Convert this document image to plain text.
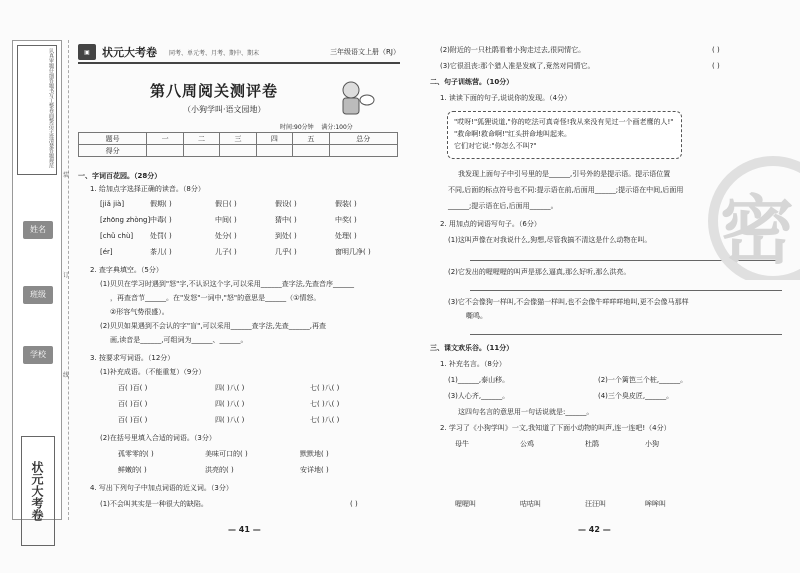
认真审题仔细答题书写工整卷面整洁字迹清楚答题规范
姓名
班级
学校
状元大考卷
装
订
线
▣	状元大考卷 同考、单元考、月考、期中、期末	三年级语文上册（RJ）
第八周阅关测评卷
（小狗学叫·语文园地）
时间:90分钟 满分:100分
题号	一	二	三	四	五	总分
得分						
一、字词百花园。（28分）
1. 给加点字选择正确的读音。（8分）
[jiǎ jià]	假期( )	假日( )	假设( )	假装( )
[zhōng zhòng] 中毒( )	中间( )	猜中( )	中奖( )
[chǔ chù] 处罚( )	处分( )	到处( )	处理( )
[ér]	茶儿( )	儿子( )	几乎( )	窗明几净( )
2. 查字典填空。（5分）
(1)贝贝在学习时遇到"怒"字,不认识这个字,可以采用______查字法,先查音序______
，再查音节______。在"发怒"一词中,"怒"的意思是______（①情怒。
②形容气势很盛）。
(2)贝贝如果遇到不会认的字"盲",可以采用______查字法,先查______,再查
画,读音是______,可组词为______、______。
3. 按要求写词语。（12分）
(1)补充成语。（不能重复）（9分）
百( )百( )	四( )八( )	七( )八( )
百( )百( )	四( )八( )	七( )八( )
百( )百( )	四( )八( )	七( )八( )
(2)在括号里填入合适的词语。（3分）
孤零零的( )	美味可口的( )	默默地( )
鲜嫩的( )	洪亮的( )	安详地( )
4. 写出下列句子中加点词语的近义词。（3分）
(1)不会叫其实是一种很大的缺陷。	( )
— 41 —
(2)附近的一只杜鹃看着小狗走过去,很同情它。	( )
(3)它很沮丧:那个猎人准是发疯了,竟然对同情它。	( )
二、句子训练营。（10分）
1. 读读下面的句子,说说你的发现。（4分）
"哎呀!"狐狸说道,"你的吃法可真奇怪!我从来没有见过一个画老鹰的人!"
"救命啊!救命啊!"红头拼命地叫起来。
它们对它说:"你怎么不叫?"
我发现上面句子中引号里的是______,引号外的是提示语。提示语位置
不同,后面的标点符号也不同:提示语在前,后面用______;提示语在中间,后面用
______;提示语在后,后面用______。
2. 用加点的词语写句子。（6分）
(1)这叫声像在对我说什么,狗想,尽管我搞不清这是什么动物在叫。
(2)它发出的喔喔喔的叫声是那么逼真,那么好听,那么洪亮。
(3)它不会像狗一样叫,不会像猫一样叫,也不会像牛咩咩咩地叫,更不会像马那样
嘶鸣。
三、课文欢乐谷。（11分）
1. 补充名言。（8分）
(1)______,泰山移。	(2)一个篱笆三个桩,______。
(3)人心齐,______。	(4)三个臭皮匠,______。
这四句名言的意思用一句话说就是:______。
2. 学习了《小狗学叫》一文,我知道了下面小动物的叫声,连一连吧!（4分）
母牛	公鸡	杜鹃	小狗
喔喔叫	咕咕叫	汪汪叫	哞哞叫
— 42 —
密
